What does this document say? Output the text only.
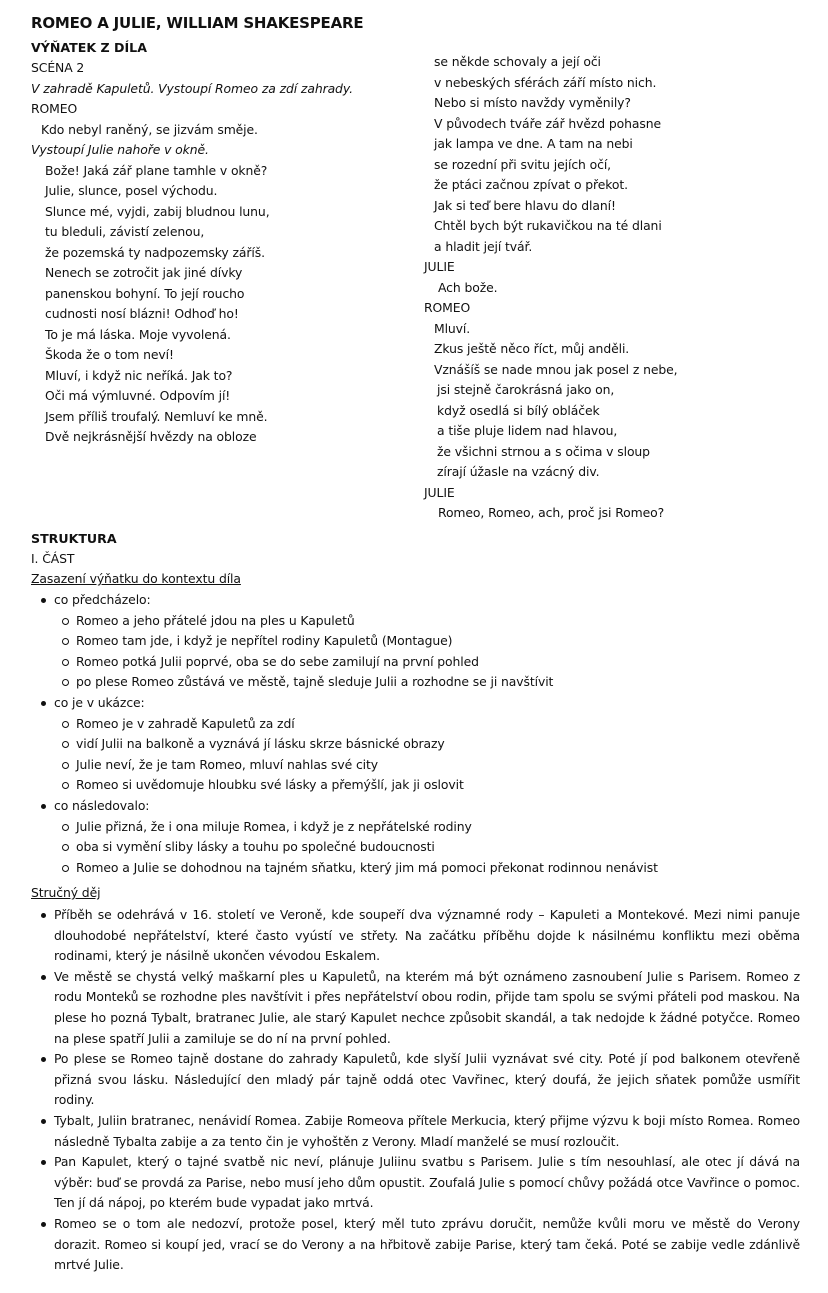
ROMEO A JULIE, WILLIAM SHAKESPEARE
VÝŇATEK Z DÍLA
SCÉNA 2
V zahradě Kapuletů. Vystoupí Romeo za zdí zahrady.
ROMEO
Kdo nebyl raněný, se jizvám směje.
Vystoupí Julie nahoře v okně.
Bože! Jaká zář plane tamhle v okně?
Julie, slunce, posel východu.
Slunce mé, vyjdi, zabij bludnou lunu,
tu bleduli, závistí zelenou,
že pozemská ty nadpozemsky záříš.
Nenech se zotročit jak jiné dívky
panenskou bohyní. To její roucho
cudnosti nosí blázni! Odhoď ho!
To je má láska. Moje vyvolená.
Škoda že o tom neví!
Mluví, i když nic neříká. Jak to?
Oči má výmluvné. Odpovím jí!
Jsem příliš troufalý. Nemluví ke mně.
Dvě nejkrásnější hvězdy na obloze
se někde schovaly a její oči
v nebeských sférách září místo nich.
Nebo si místo navždy vyměnily?
V původech tváře zář hvězd pohasne
jak lampa ve dne. A tam na nebi
se rozední při svitu jejích očí,
že ptáci začnou zpívat o překot.
Jak si teď bere hlavu do dlaní!
Chtěl bych být rukavičkou na té dlani
a hladit její tvář.
JULIE
Ach bože.
ROMEO
Mluví.
Zkus ještě něco říct, můj anděli.
Vznášíš se nade mnou jak posel z nebe,
jsi stejně čarokrásná jako on,
když osedlá si bílý obláček
a tiše pluje lidem nad hlavou,
že všichni strnou a s očima v sloup
zírají úžasle na vzácný div.
JULIE
Romeo, Romeo, ach, proč jsi Romeo?
STRUKTURA
I. ČÁST
Zasazení výňatku do kontextu díla
co předcházelo:
Romeo a jeho přátelé jdou na ples u Kapuletů
Romeo tam jde, i když je nepřítel rodiny Kapuletů (Montague)
Romeo potká Julii poprvé, oba se do sebe zamilují na první pohled
po plese Romeo zůstává ve městě, tajně sleduje Julii a rozhodne se ji navštívit
co je v ukázce:
Romeo je v zahradě Kapuletů za zdí
vidí Julii na balkoně a vyznává jí lásku skrze básnické obrazy
Julie neví, že je tam Romeo, mluví nahlas své city
Romeo si uvědomuje hloubku své lásky a přemýšlí, jak ji oslovit
co následovalo:
Julie přizná, že i ona miluje Romea, i když je z nepřátelské rodiny
oba si vymění sliby lásky a touhu po společné budoucnosti
Romeo a Julie se dohodnou na tajném sňatku, který jim má pomoci překonat rodinnou nenávist
Stručný děj
Příběh se odehrává v 16. století ve Veroně, kde soupeří dva významné rody – Kapuleti a Montekové. Mezi nimi panuje dlouhodobé nepřátelství, které často vyústí ve střety. Na začátku příběhu dojde k násilnému konfliktu mezi oběma rodinami, který je násilně ukončen vévodou Eskalem.
Ve městě se chystá velký maškarní ples u Kapuletů, na kterém má být oznámeno zasnoubení Julie s Parisem. Romeo z rodu Monteků se rozhodne ples navštívit i přes nepřátelství obou rodin, přijde tam spolu se svými přáteli pod maskou. Na plese ho pozná Tybalt, bratranec Julie, ale starý Kapulet nechce způsobit skandál, a tak nedojde k žádné potyčce. Romeo na plese spatří Julii a zamiluje se do ní na první pohled.
Po plese se Romeo tajně dostane do zahrady Kapuletů, kde slyší Julii vyznávat své city. Poté jí pod balkonem otevřeně přizná svou lásku. Následující den mladý pár tajně oddá otec Vavřinec, který doufá, že jejich sňatek pomůže usmířit rodiny.
Tybalt, Juliin bratranec, nenávidí Romea. Zabije Romeova přítele Merkucia, který přijme výzvu k boji místo Romea. Romeo následně Tybalta zabije a za tento čin je vyhoštěn z Verony. Mladí manželé se musí rozloučit.
Pan Kapulet, který o tajné svatbě nic neví, plánuje Juliinu svatbu s Parisem. Julie s tím nesouhlasí, ale otec jí dává na výběr: buď se provdá za Parise, nebo musí jeho dům opustit. Zoufalá Julie s pomocí chůvy požádá otce Vavřince o pomoc. Ten jí dá nápoj, po kterém bude vypadat jako mrtvá.
Romeo se o tom ale nedozví, protože posel, který měl tuto zprávu doručit, nemůže kvůli moru ve městě do Verony dorazit. Romeo si koupí jed, vrací se do Verony a na hřbitově zabije Parise, který tam čeká. Poté se zabije vedle zdánlivě mrtvé Julie.
